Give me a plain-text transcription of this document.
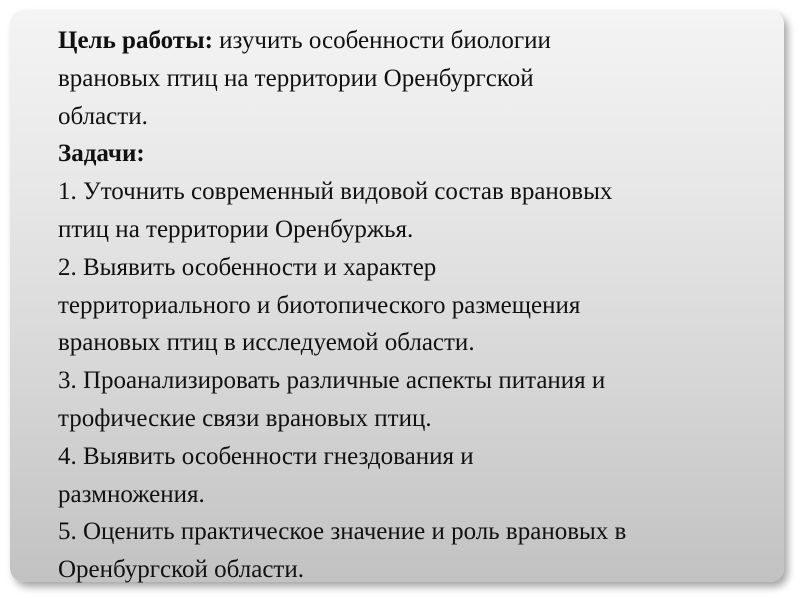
Цель работы: изучить особенности биологии
врановых птиц на территории Оренбургской
области.
Задачи:
1. Уточнить современный видовой состав врановых
птиц на территории Оренбуржья.
2. Выявить особенности и характер
территориального и биотопического размещения
врановых птиц в исследуемой области.
3. Проанализировать различные аспекты питания и
трофические связи врановых птиц.
4. Выявить особенности гнездования и
размножения.
5. Оценить практическое значение и роль врановых в
Оренбургской области.
